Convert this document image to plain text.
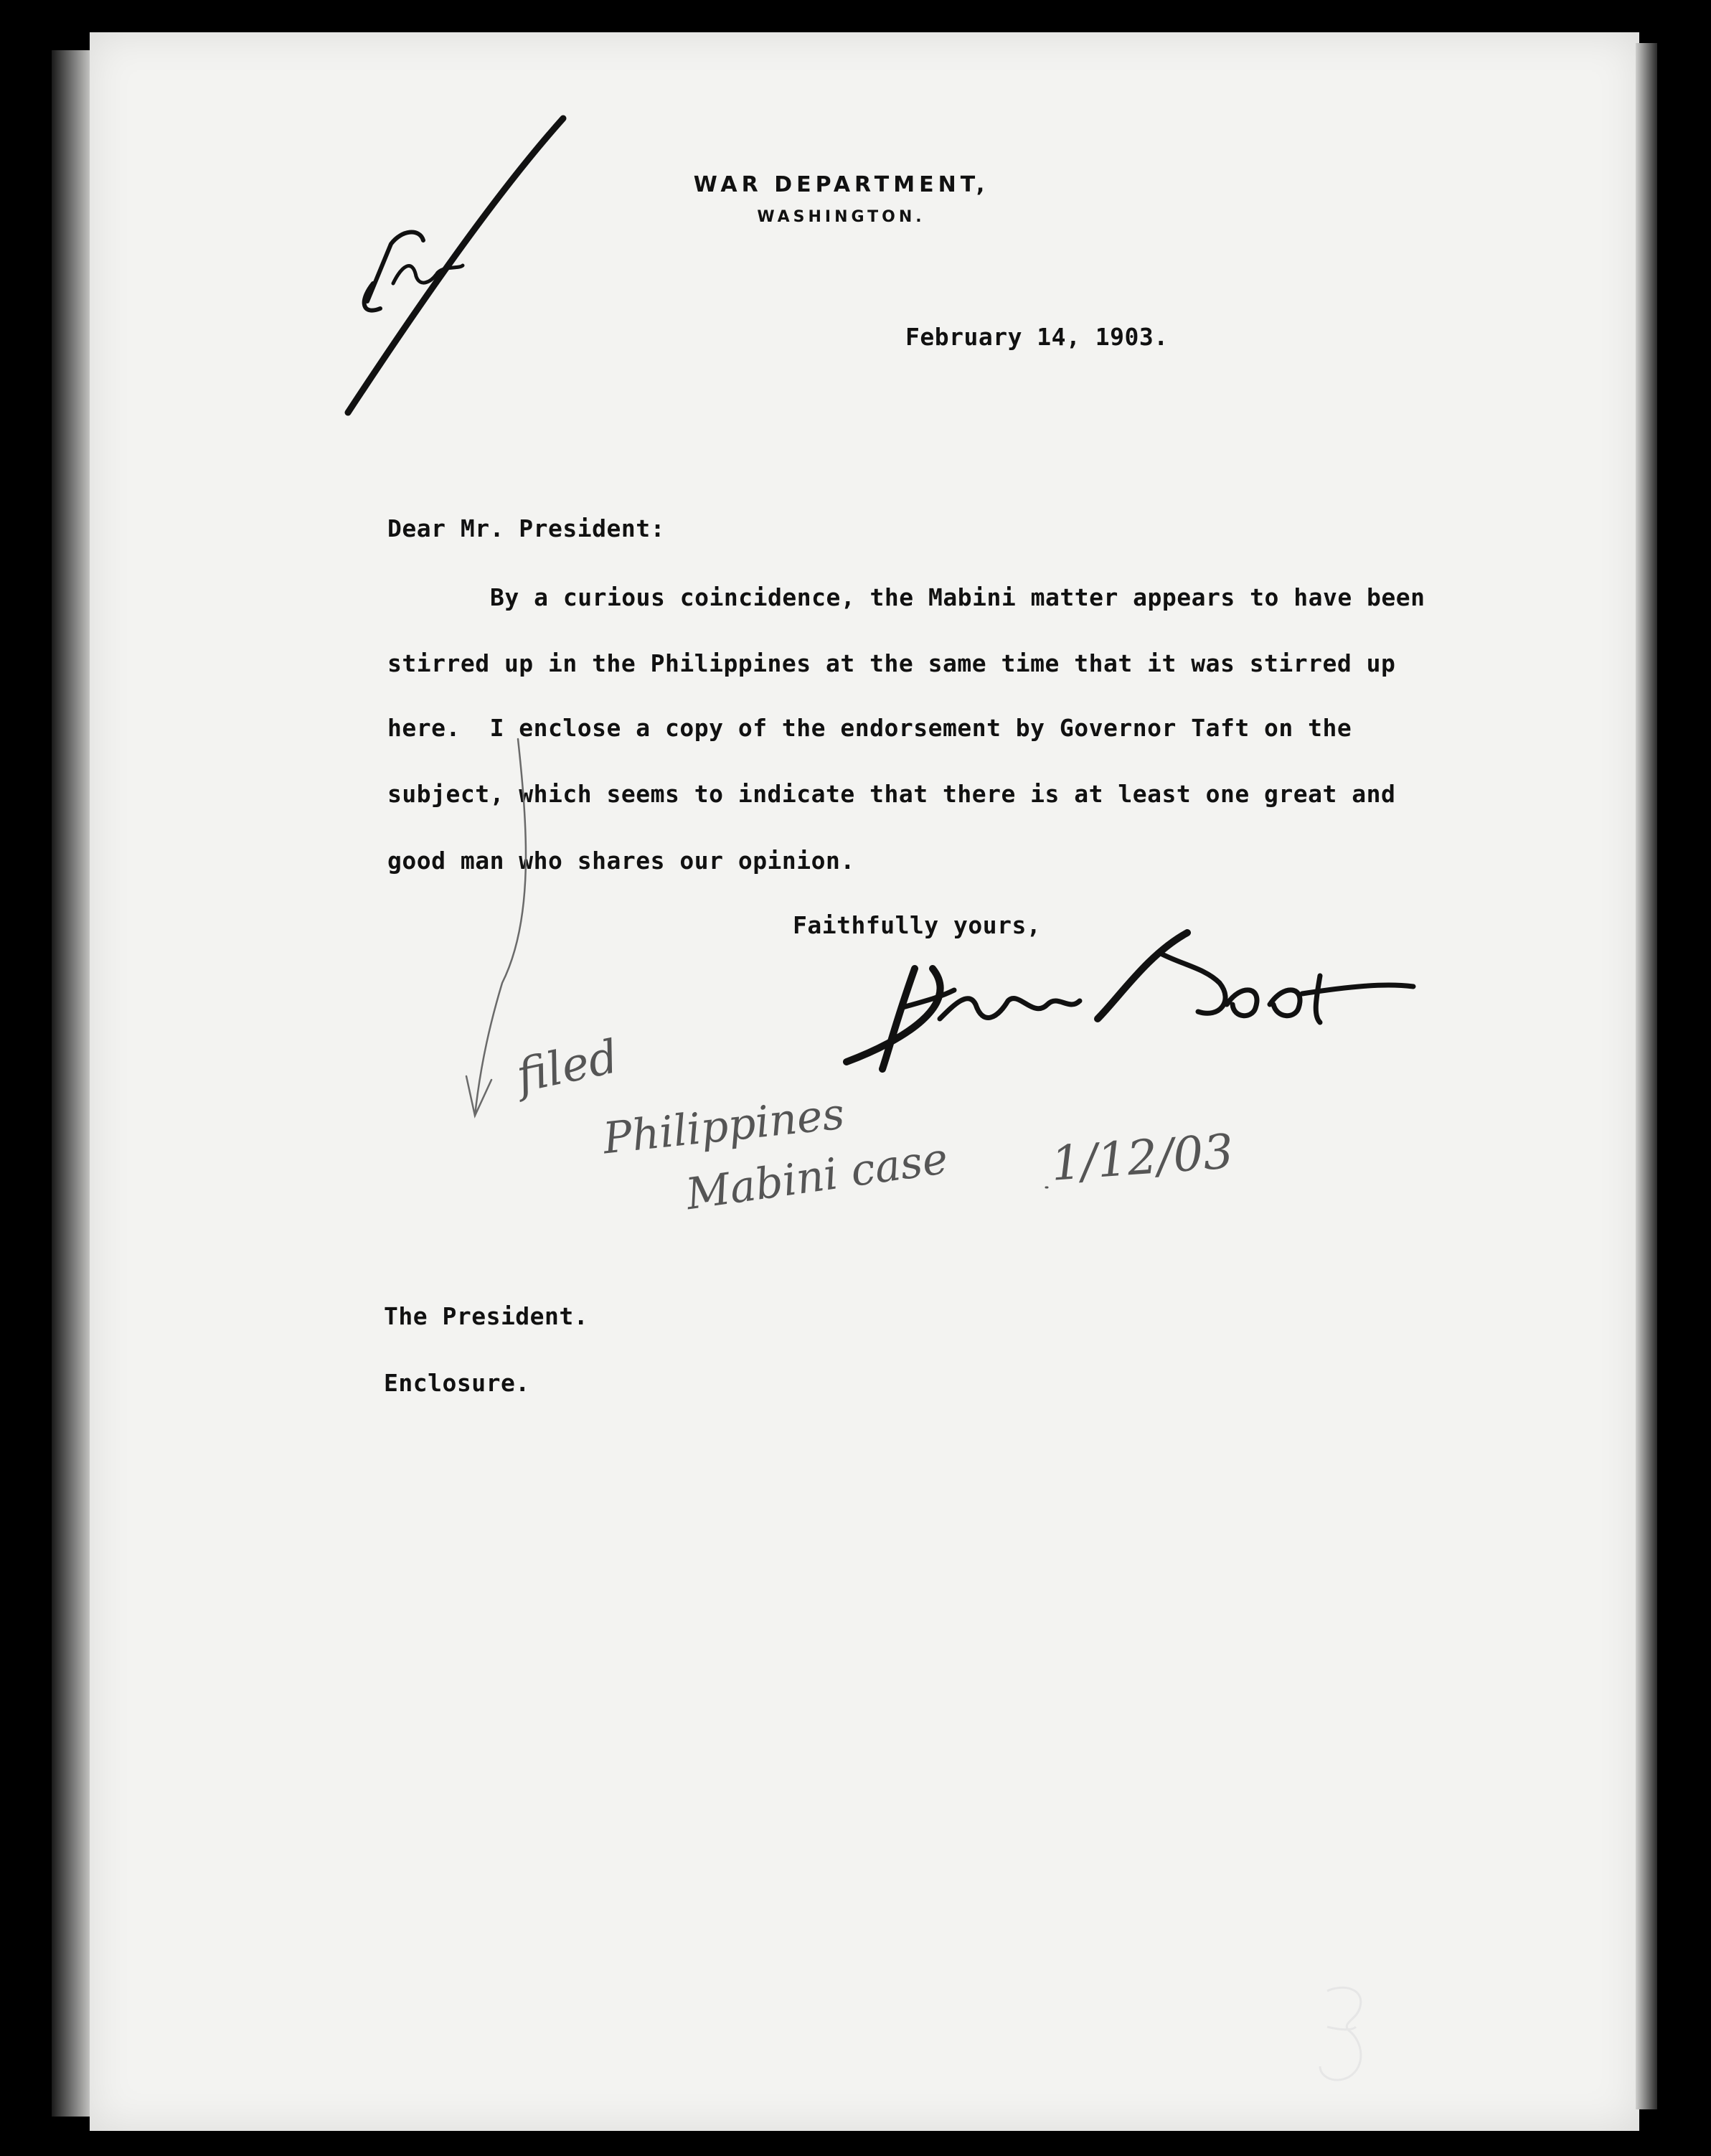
WAR DEPARTMENT,
WASHINGTON.
February 14, 1903.
Dear Mr. President:
By a curious coincidence, the Mabini matter appears to have been
stirred up in the Philippines at the same time that it was stirred up
here.  I enclose a copy of the endorsement by Governor Taft on the
subject, which seems to indicate that there is at least one great and
good man who shares our opinion.
Faithfully yours,
filed
Philippines
Mabini case 1/12/03
The President.
Enclosure.
